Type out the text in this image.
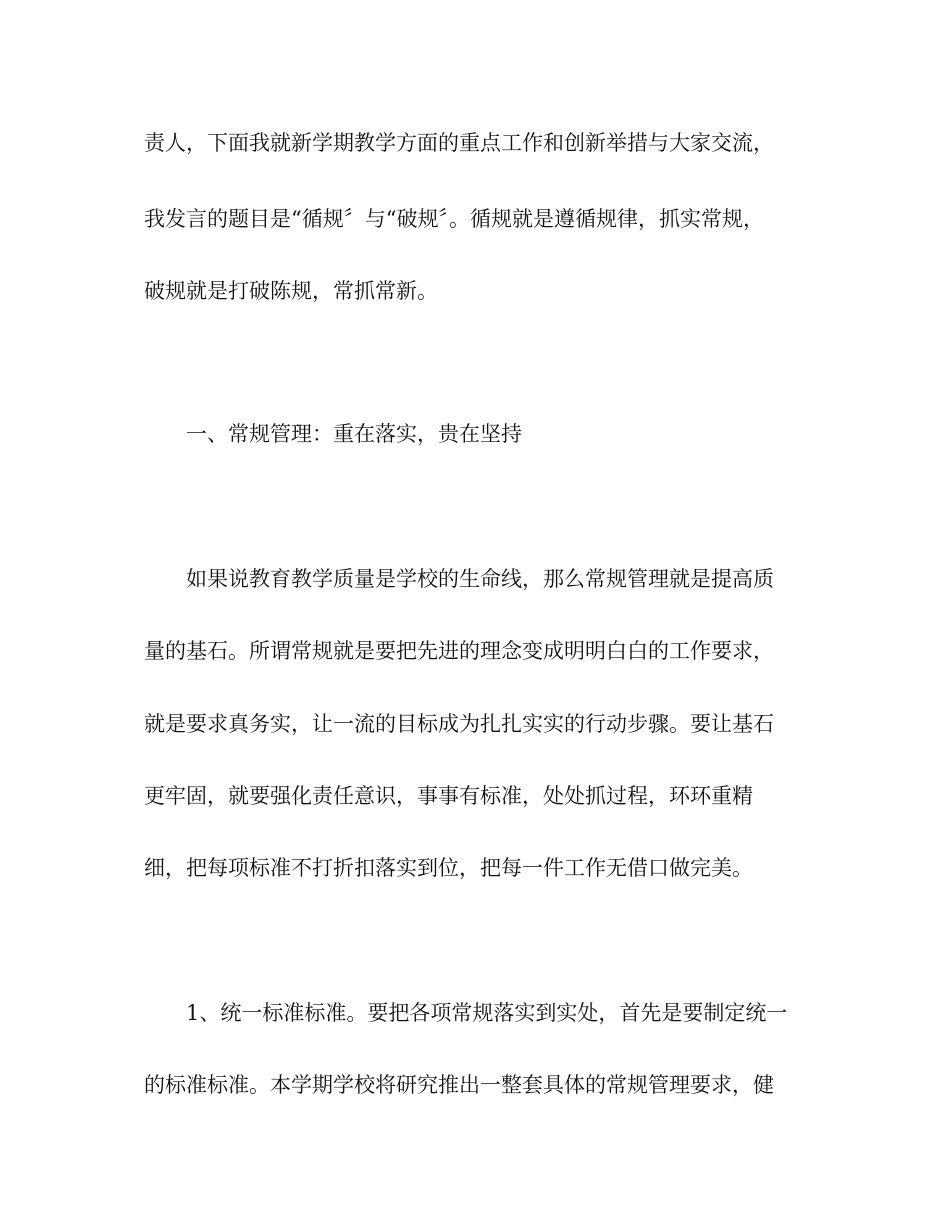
责人，下面我就新学期教学方面的重点工作和创新举措与大家交流，

我发言的题目是“循规〞与“破规〞。循规就是遵循规律，抓实常规，

破规就是打破陈规，常抓常新。

一、常规管理：重在落实，贵在坚持

如果说教育教学质量是学校的生命线，那么常规管理就是提高质

量的基石。所谓常规就是要把先进的理念变成明明白白的工作要求，

就是要求真务实，让一流的目标成为扎扎实实的行动步骤。要让基石

更牢固，就要强化责任意识，事事有标准，处处抓过程，环环重精

细，把每项标准不打折扣落实到位，把每一件工作无借口做完美。

1、统一标准标准。要把各项常规落实到实处，首先是要制定统一

的标准标准。本学期学校将研究推出一整套具体的常规管理要求，健
